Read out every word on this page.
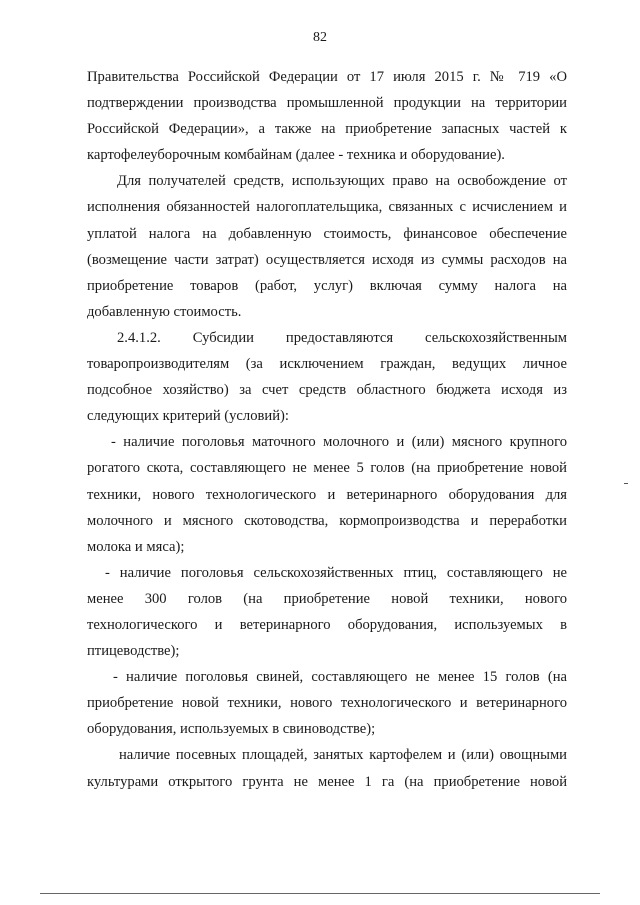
82

Правительства Российской Федерации от 17 июля 2015 г. № 719 «О

подтверждении производства промышленной продукции на территории

Российской Федерации», а также на приобретение запасных частей к

картофелеуборочным комбайнам (далее - техника и оборудование).

Для получателей средств, использующих право на освобождение от

исполнения обязанностей налогоплательщика, связанных с исчислением и

уплатой налога на добавленную стоимость, финансовое обеспечение

(возмещение части затрат) осуществляется исходя из суммы расходов на

приобретение товаров (работ, услуг) включая сумму налога на

добавленную стоимость.

2.4.1.2. Субсидии предоставляются сельскохозяйственным

товаропроизводителям (за исключением граждан, ведущих личное

подсобное хозяйство) за счет средств областного бюджета исходя из

следующих критерий (условий):

- наличие поголовья маточного молочного и (или) мясного крупного

рогатого скота, составляющего не менее 5 голов (на приобретение новой

техники, нового технологического и ветеринарного оборудования для

молочного и мясного скотоводства, кормопроизводства и переработки

молока и мяса);

- наличие поголовья сельскохозяйственных птиц, составляющего не

менее 300 голов (на приобретение новой техники, нового

технологического и ветеринарного оборудования, используемых в

птицеводстве);

- наличие поголовья свиней, составляющего не менее 15 голов (на

приобретение новой техники, нового технологического и ветеринарного

оборудования, используемых в свиноводстве);

наличие посевных площадей, занятых картофелем и (или) овощными

культурами открытого грунта не менее 1 га (на приобретение новой
